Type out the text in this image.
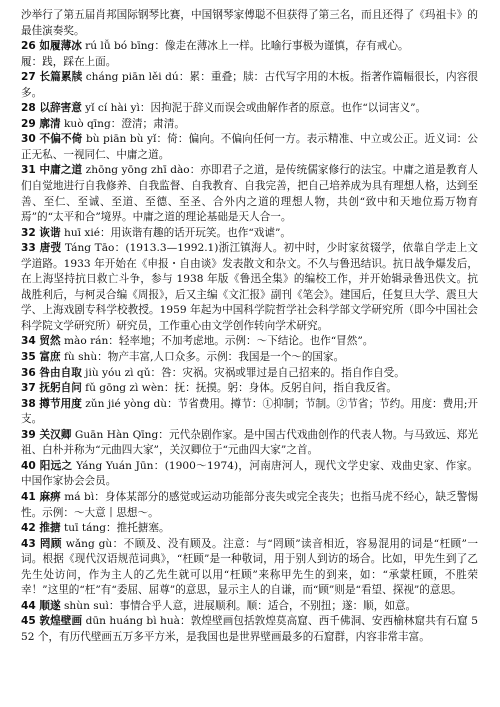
沙举行了第五届肖邦国际钢琴比赛，中国钢琴家傅聪不但获得了第三名，而且还得了《玛祖卡》的最佳演奏奖。

26 如履薄冰 rú lǚ bó bīng：像走在薄冰上一样。比喻行事极为谨慎，存有戒心。

履：践，踩在上面。

27 长篇累牍 cháng piān lěi dú：累：重叠；牍：古代写字用的木板。指著作篇幅很长，内容很多。

28 以辞害意 yǐ cí hài yì：因拘泥于辞义而误会或曲解作者的原意。也作“以词害义”。

29 廓清 kuò qīng：澄清；肃清。

30 不偏不倚 bù piān bù yǐ：倚：偏向。不偏向任何一方。表示精准、中立或公正。近义词：公正无私、一视同仁、中庸之道。

31 中庸之道 zhōng yōng zhī dào：亦即君子之道，是传统儒家修行的法宝。中庸之道是教育人们自觉地进行自我修养、自我监督、自我教育、自我完善，把自己培养成为具有理想人格，达到至善、至仁、至诚、至道、至德、至圣、合外内之道的理想人物，共创“致中和天地位焉万物育焉”的“太平和合”境界。中庸之道的理论基础是天人合一。

32 诙谐 huī xié：用诙谐有趣的话开玩笑。也作“戏谑”。

33 唐弢 Táng Tāo：(1913.3—1992.1)浙江镇海人。初中时，少时家贫辍学，依靠自学走上文学道路。1933 年开始在《申报・自由谈》发表散文和杂文。不久与鲁迅结识。抗日战争爆发后，在上海坚持抗日救亡斗争，参与 1938 年版《鲁迅全集》的编校工作，并开始辑录鲁迅佚文。抗战胜利后，与柯灵合编《周报》，后又主编《文汇报》副刊《笔会》。建国后，任复旦大学、震旦大学、上海戏剧专科学校教授。1959 年起为中国科学院哲学社会科学部文学研究所（即今中国社会科学院文学研究所）研究员，工作重心由文学创作转向学术研究。

34 贸然 mào rán：轻率地；不加考虑地。示例：～下结论。也作“冒然”。

35 富庶 fù shù：物产丰富,人口众多。示例：我国是一个～的国家。

36 咎由自取 jiù yóu zì qǔ：咎：灾祸。灾祸或罪过是自己招来的。指自作自受。

37 抚躬自问 fǔ gōng zì wèn：抚：抚摸。躬：身体。反躬自问，指自我反省。

38 撙节用度 zǔn jié yòng dù：节省费用。撙节：①抑制；节制。②节省；节约。用度：费用;开支。

39 关汉卿 Guān Hàn Qīng：元代杂剧作家。是中国古代戏曲创作的代表人物。与马致远、郑光祖、白朴并称为“元曲四大家”，关汉卿位于“元曲四大家”之首。

40 阳远之 Yáng Yuán Jūn：(1900～1974)，河南唐河人，现代文学史家、戏曲史家、作家。中国作家协会会员。

41 麻痹 má bì：身体某部分的感觉或运动功能部分丧失或完全丧失；也指马虎不经心，缺乏警惕性。示例：～大意丨思想～。

42 推搪 tuī táng：推托搪塞。

43 罔顾 wǎng gù：不顾及、没有顾及。注意：与“罔顾”读音相近，容易混用的词是“枉顾”一词。根据《现代汉语规范词典》，“枉顾”是一种敬词，用于别人到访的场合。比如，甲先生到了乙先生处访问，作为主人的乙先生就可以用“枉顾”来称甲先生的到来，如：“承蒙枉顾，不胜荣幸！”这里的“枉”有“委屈、屈尊”的意思，显示主人的自谦，而“顾”则是“看望、探视”的意思。

44 顺遂 shùn suì：事情合乎人意，进展顺利。顺：适合，不别扭；遂：顺，如意。

45 敦煌壁画 dūn huáng bì huà：敦煌壁画包括敦煌莫高窟、西千佛洞、安西榆林窟共有石窟 552 个，有历代壁画五万多平方米，是我国也是世界壁画最多的石窟群，内容非常丰富。
